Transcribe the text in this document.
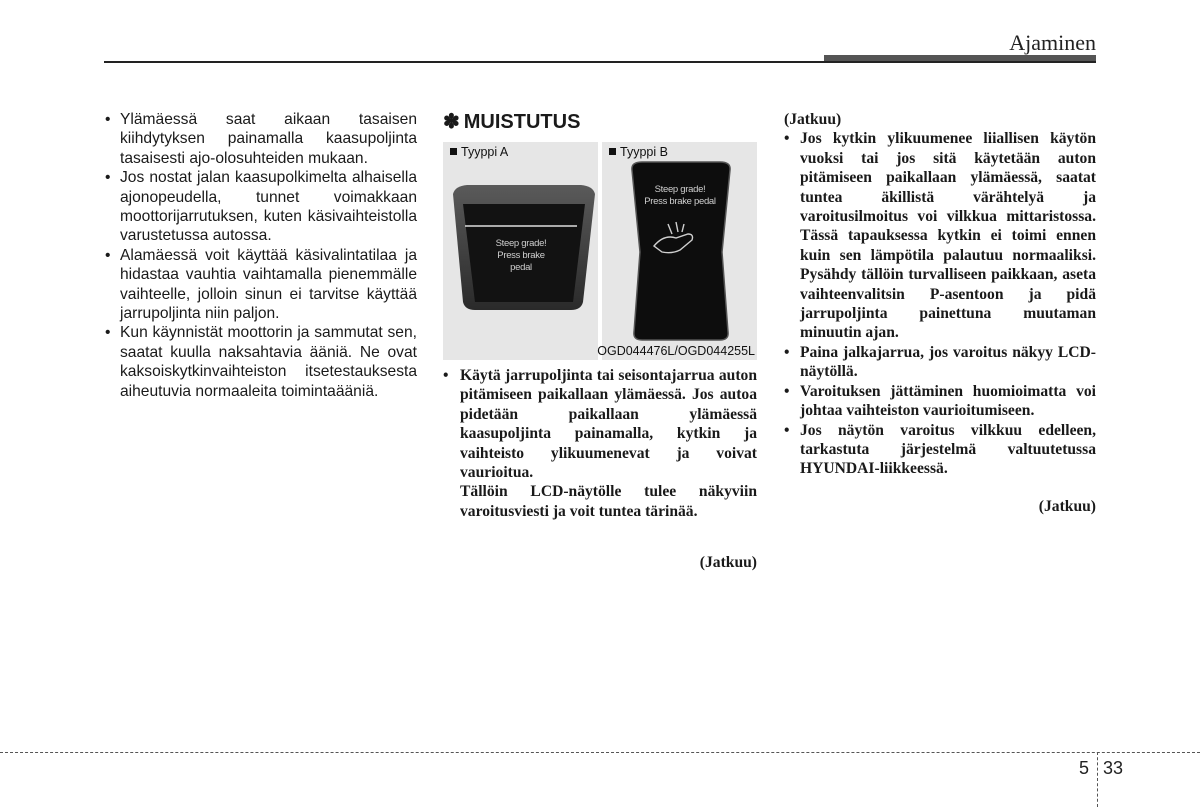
Ajaminen
• Ylämäessä saat aikaan tasaisen kiihdytyksen painamalla kaasupoljinta tasaisesti ajo-olosuhteiden mukaan.
• Jos nostat jalan kaasupolkimelta alhaisella ajonopeudella, tunnet voimakkaan moottorijarrutuksen, kuten käsivaihteistolla varustetussa autossa.
• Alamäessä voit käyttää käsivalintatilaa ja hidastaa vauhtia vaihtamalla pienemmälle vaihteelle, jolloin sinun ei tarvitse käyttää jarrupoljinta niin paljon.
• Kun käynnistät moottorin ja sammutat sen, saatat kuulla naksahtavia ääniä. Ne ovat kaksoiskytkinvaihteiston itsetestauksesta aiheutuvia normaaleita toimintaääniä.
✽ MUISTUTUS
Tyyppi A
Steep grade!
Press brake
pedal
Tyyppi B
Steep grade!
Press brake pedal
OGD044476L/OGD044255L
• Käytä jarrupoljinta tai seisontajarrua auton pitämiseen paikallaan ylämäessä. Jos autoa pidetään paikallaan ylämäessä kaasupoljinta painamalla, kytkin ja vaihteisto ylikuumenevat ja voivat vaurioitua.
Tällöin LCD-näytölle tulee näkyviin varoitusviesti ja voit tuntea tärinää.
(Jatkuu)
(Jatkuu)
• Jos kytkin ylikuumenee liiallisen käytön vuoksi tai jos sitä käytetään auton pitämiseen paikallaan ylämäessä, saatat tuntea äkillistä värähtelyä ja varoitusilmoitus voi vilkkua mittaristossa. Tässä tapauksessa kytkin ei toimi ennen kuin sen lämpötila palautuu normaaliksi. Pysähdy tällöin turvalliseen paikkaan, aseta vaihteenvalitsin P-asentoon ja pidä jarrupoljinta painettuna muutaman minuutin ajan.
• Paina jalkajarrua, jos varoitus näkyy LCD-näytöllä.
• Varoituksen jättäminen huomioimatta voi johtaa vaihteiston vaurioitumiseen.
• Jos näytön varoitus vilkkuu edelleen, tarkastuta järjestelmä valtuutetussa HYUNDAI-liikkeessä.
(Jatkuu)
5 33
